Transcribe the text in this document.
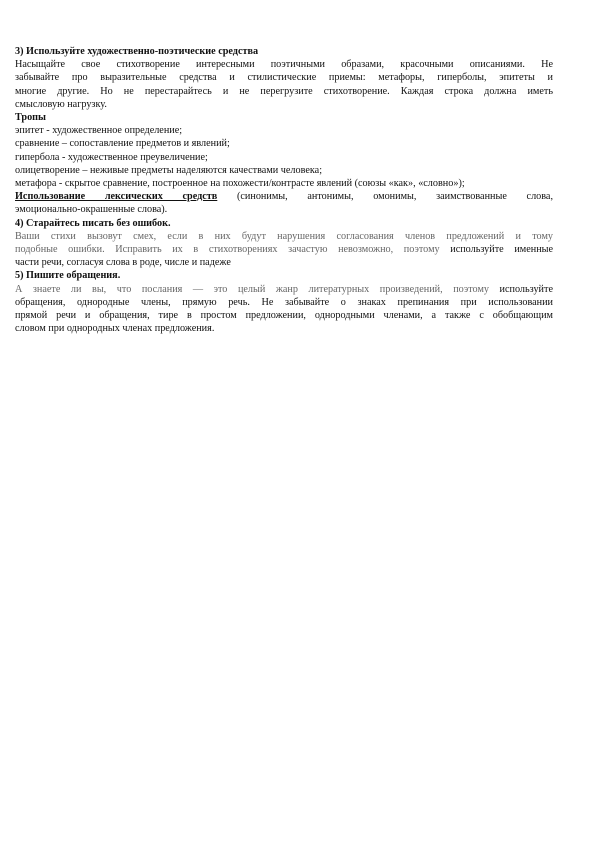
3) Используйте художественно-поэтические средства
Насыщайте свое стихотворение интересными поэтичными образами, красочными описаниями. Не
забывайте про выразительные средства и стилистические приемы: метафоры, гиперболы, эпитеты и
многие другие. Но не перестарайтесь и не перегрузите стихотворение. Каждая строка должна иметь
смысловую нагрузку.
Тропы
эпитет - художественное определение;
сравнение – сопоставление предметов и явлений;
гипербола - художественное преувеличение;
олицетворение – неживые предметы наделяются качествами человека;
метафора - скрытое сравнение, построенное на похожести/контрасте явлений (союзы «как», «словно»);
Использование лексических средств (синонимы, антонимы, омонимы, заимствованные слова,
эмоционально-окрашенные слова).
4) Старайтесь писать без ошибок.
Ваши стихи вызовут смех, если в них будут нарушения согласования членов предложений и тому
подобные ошибки. Исправить их в стихотворениях зачастую невозможно, поэтому используйте именные
части речи, согласуя слова в роде, числе и падеже
5) Пишите обращения.
А знаете ли вы, что послания — это целый жанр литературных произведений, поэтому используйте
обращения, однородные члены, прямую речь. Не забывайте о знаках препинания при использовании
прямой речи и обращения, тире в простом предложении, однородными членами, а также с обобщающим
словом при однородных членах предложения.
